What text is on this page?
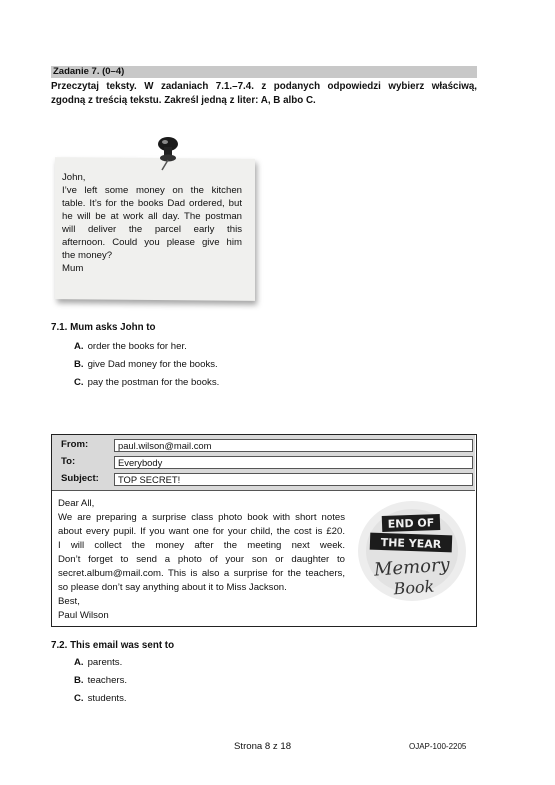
Zadanie 7. (0–4)
Przeczytaj teksty. W zadaniach 7.1.–7.4. z podanych odpowiedzi wybierz właściwą,
zgodną z treścią tekstu. Zakreśl jedną z liter: A, B albo C.
John,
I’ve left some money on the kitchen
table. It’s for the books Dad ordered, but
he will be at work all day. The postman
will deliver the parcel early this
afternoon. Could you please give him
the money?
Mum
7.1. Mum asks John to
A. order the books for her.
B. give Dad money for the books.
C. pay the postman for the books.
From:	paul.wilson@mail.com
To:	Everybody
Subject:	TOP SECRET!
Dear All,
We are preparing a surprise class photo book with short notes
about every pupil. If you want one for your child, the cost is £20.
I will collect the money after the meeting next week.
Don’t forget to send a photo of your son or daughter to
secret.album@mail.com. This is also a surprise for the teachers,
so please don’t say anything about it to Miss Jackson.
Best,
Paul Wilson
END OF
THE YEAR
Memory
Book
7.2. This email was sent to
A. parents.
B. teachers.
C. students.
Strona 8 z 18	OJAP-100-2205
